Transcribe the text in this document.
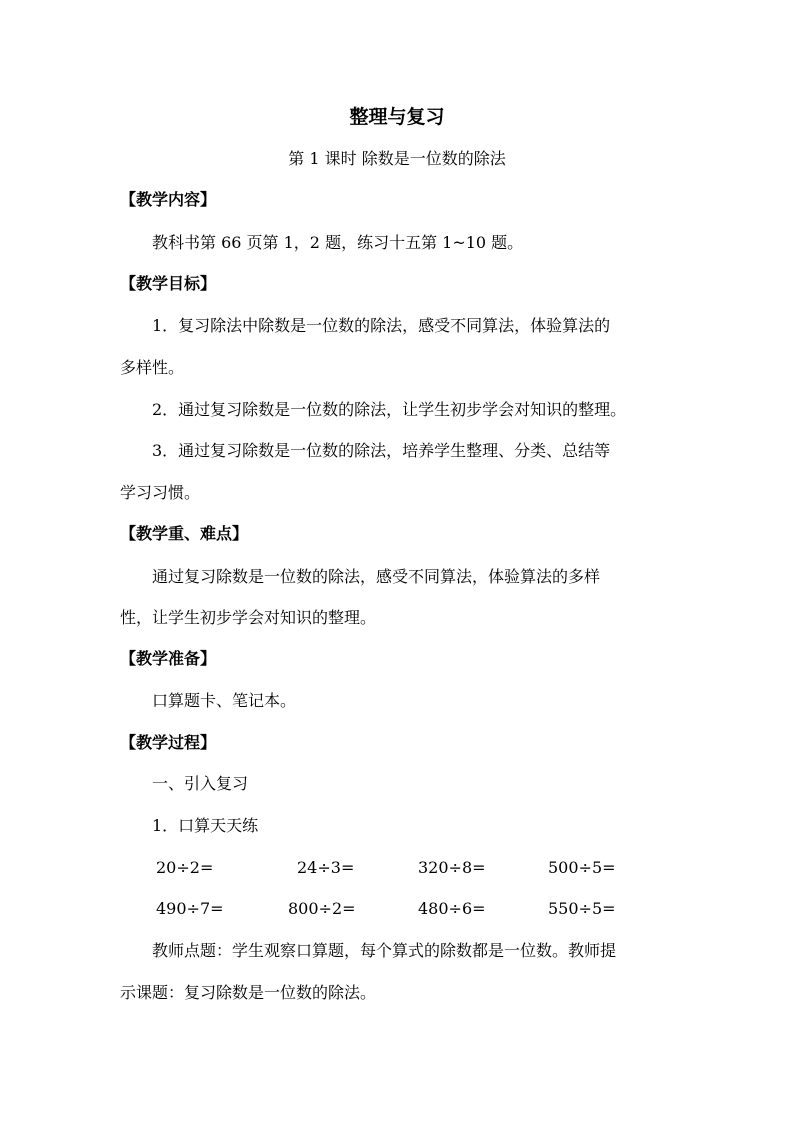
整理与复习
第 1 课时 除数是一位数的除法
【教学内容】
教科书第 66 页第 1，2 题，练习十五第 1~10 题。
【教学目标】
1．复习除法中除数是一位数的除法，感受不同算法，体验算法的
多样性。
2．通过复习除数是一位数的除法，让学生初步学会对知识的整理。
3．通过复习除数是一位数的除法，培养学生整理、分类、总结等
学习习惯。
【教学重、难点】
通过复习除数是一位数的除法，感受不同算法，体验算法的多样
性，让学生初步学会对知识的整理。
【教学准备】
口算题卡、笔记本。
【教学过程】
一、引入复习
1．口算天天练
20÷2=	24÷3=	320÷8=	500÷5=
490÷7=	800÷2=	480÷6=	550÷5=
教师点题：学生观察口算题，每个算式的除数都是一位数。教师提
示课题：复习除数是一位数的除法。
